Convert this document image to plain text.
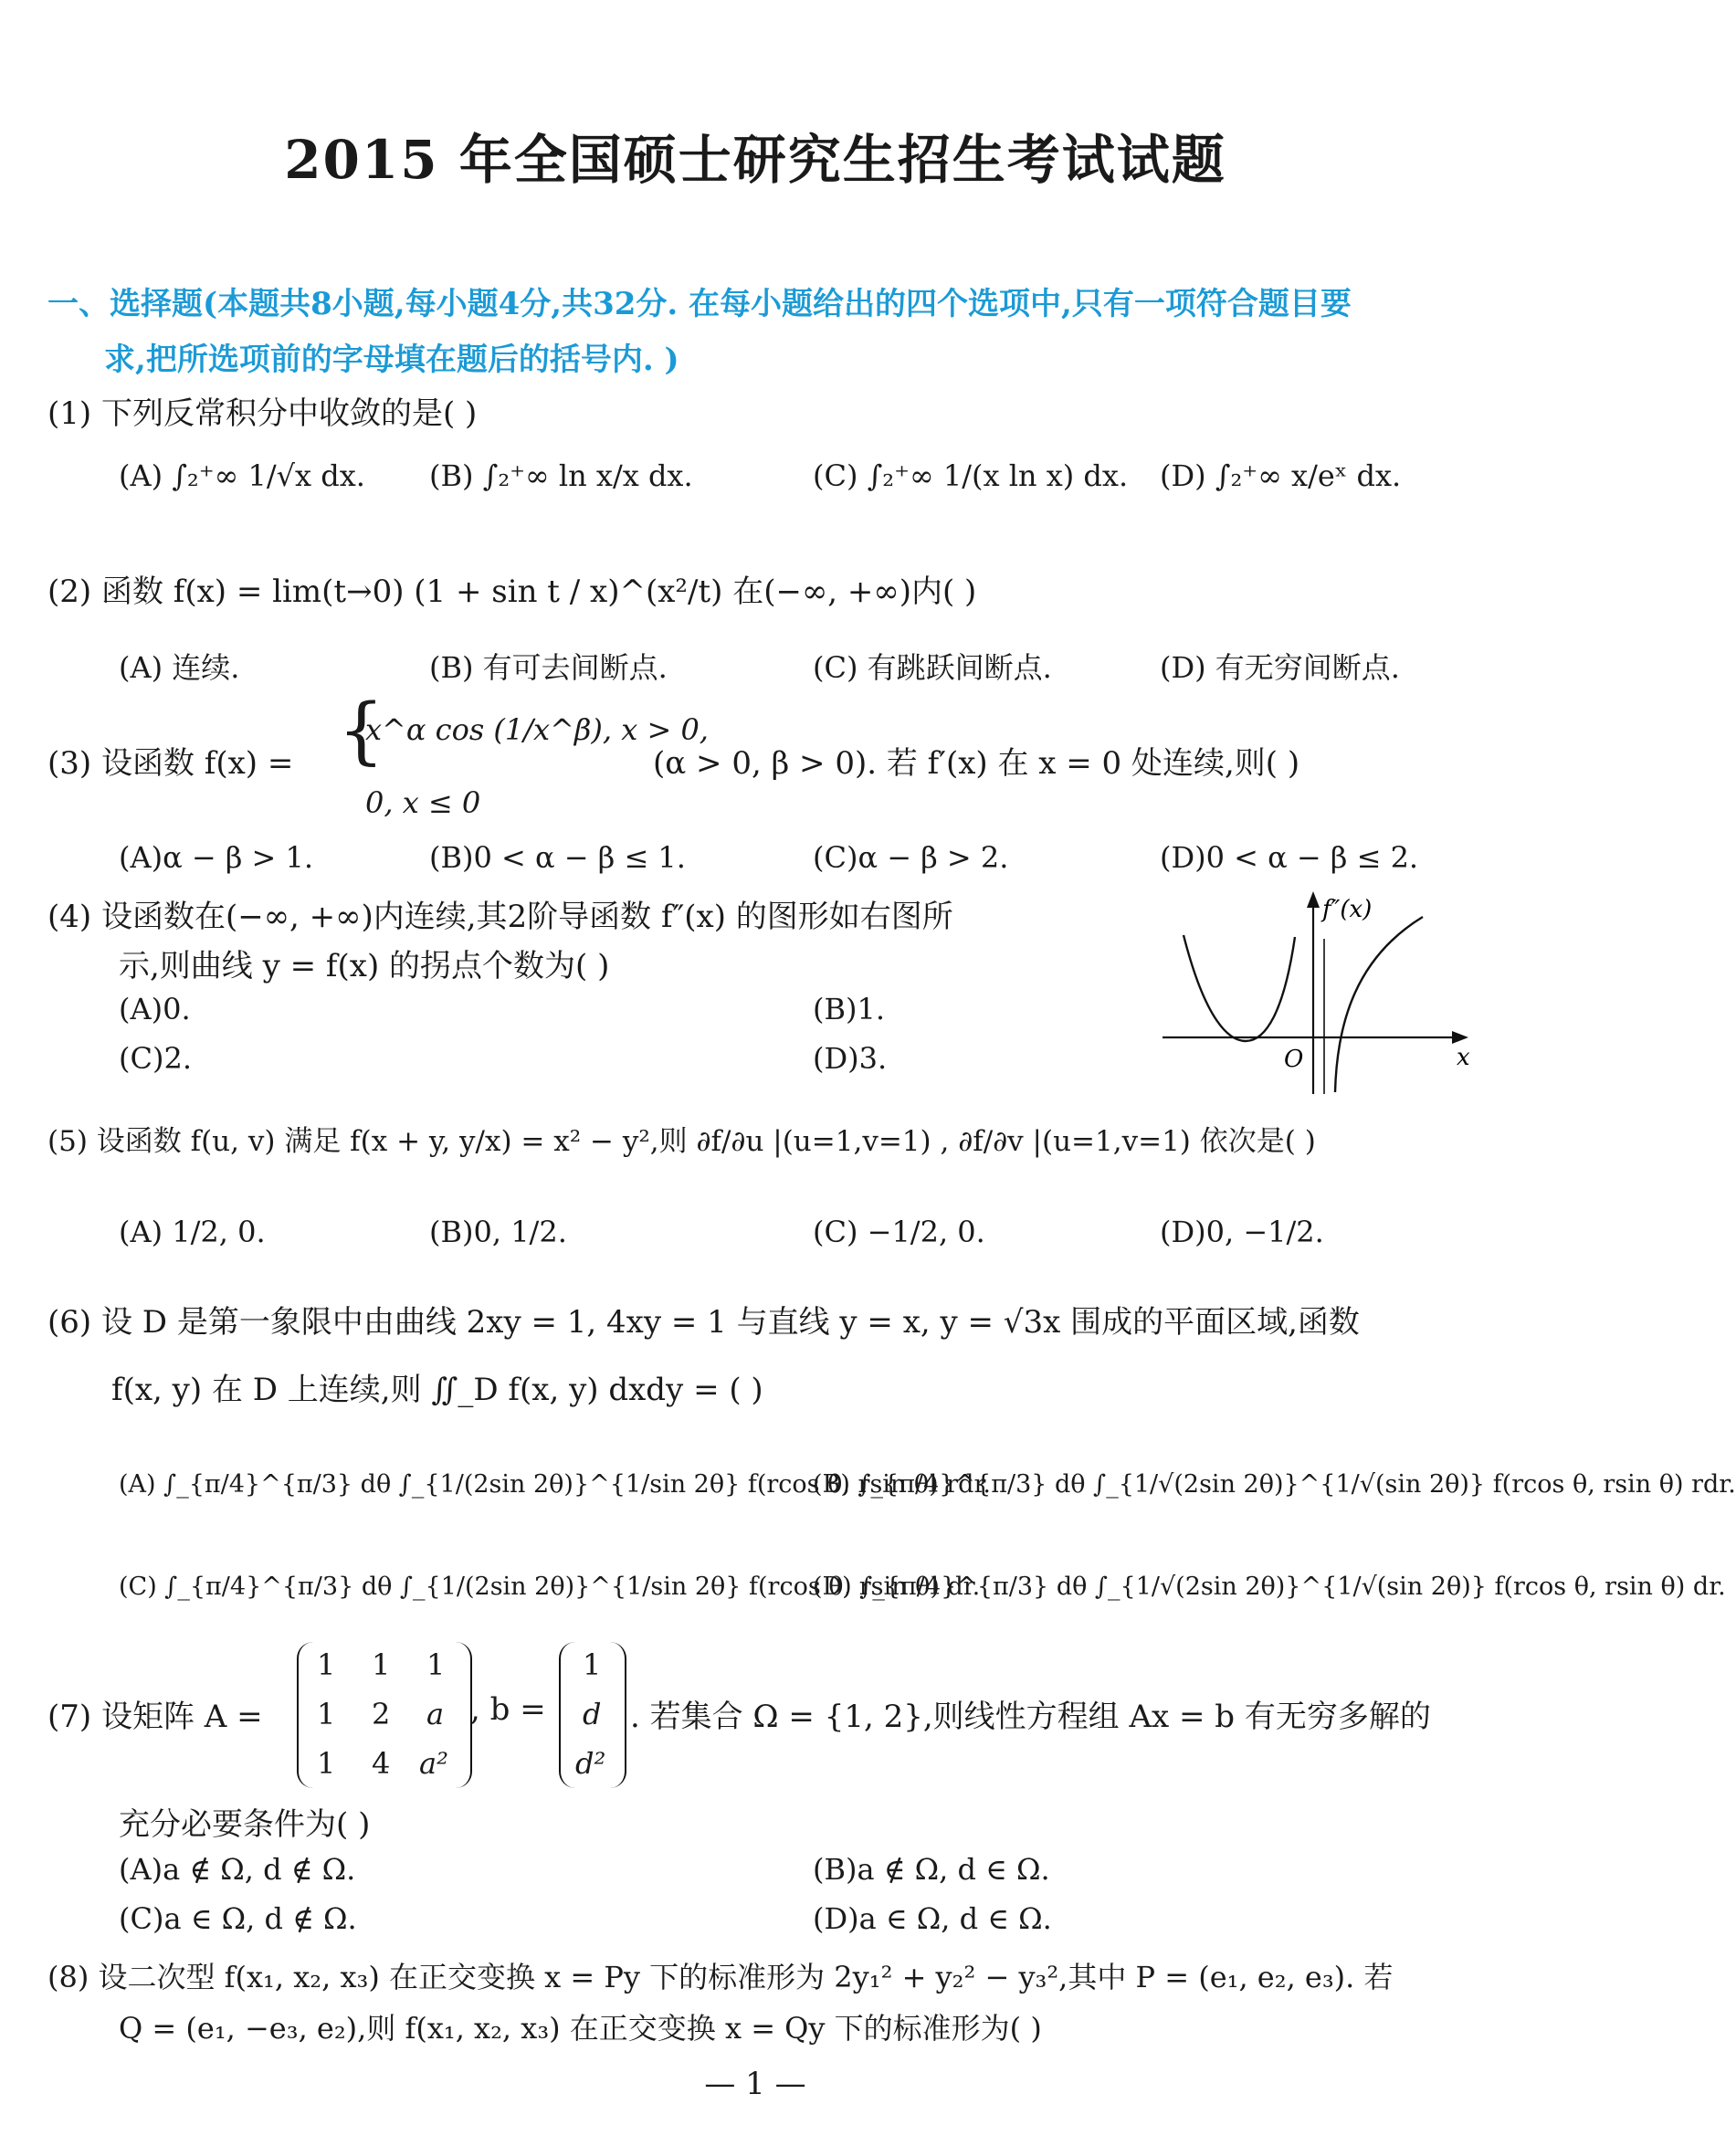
2015 年全国硕士研究生招生考试试题
一、选择题(本题共8小题,每小题4分,共32分. 在每小题给出的四个选项中,只有一项符合题目要
求,把所选项前的字母填在题后的括号内. )
(1) 下列反常积分中收敛的是( )
(A) ∫₂⁺∞ 1/√x dx. (B) ∫₂⁺∞ ln x/x dx.	(C) ∫₂⁺∞ 1/(x ln x) dx. (D) ∫₂⁺∞ x/eˣ dx.
(2) 函数 f(x) = lim(t→0) (1 + sin t / x)^(x²/t) 在(−∞, +∞)内( )
(A) 连续.	(B) 有可去间断点.	(C) 有跳跃间断点.	(D) 有无穷间断点.
(3) 设函数 f(x) = {
x^α cos (1/x^β), x > 0,
0, x ≤ 0
(α > 0, β > 0). 若 f′(x) 在 x = 0 处连续,则( )
(A)α − β > 1.	(B)0 < α − β ≤ 1.	(C)α − β > 2.	(D)0 < α − β ≤ 2.
(4) 设函数在(−∞, +∞)内连续,其2阶导函数 f″(x) 的图形如右图所
示,则曲线 y = f(x) 的拐点个数为( )
(A)0.	(B)1.
(C)2.	(D)3.
f″(x)
x
O
(5) 设函数 f(u, v) 满足 f(x + y, y/x) = x² − y²,则 ∂f/∂u |(u=1,v=1) , ∂f/∂v |(u=1,v=1) 依次是( )
(A) 1/2, 0.	(B)0, 1/2.	(C) −1/2, 0.	(D)0, −1/2.
(6) 设 D 是第一象限中由曲线 2xy = 1, 4xy = 1 与直线 y = x, y = √3x 围成的平面区域,函数
f(x, y) 在 D 上连续,则 ∬_D f(x, y) dxdy = ( )
(A) ∫_{π/4}^{π/3} dθ ∫_{1/(2sin 2θ)}^{1/sin 2θ} f(rcos θ, rsin θ) rdr.
(B) ∫_{π/4}^{π/3} dθ ∫_{1/√(2sin 2θ)}^{1/√(sin 2θ)} f(rcos θ, rsin θ) rdr.
(C) ∫_{π/4}^{π/3} dθ ∫_{1/(2sin 2θ)}^{1/sin 2θ} f(rcos θ, rsin θ) dr.
(D) ∫_{π/4}^{π/3} dθ ∫_{1/√(2sin 2θ)}^{1/√(sin 2θ)} f(rcos θ, rsin θ) dr.
(7) 设矩阵 A =
1 1 1
1 2 a
1 4 a²
, b =
1
d
d²
. 若集合 Ω = {1, 2},则线性方程组 Ax = b 有无穷多解的
充分必要条件为( )
(A)a ∉ Ω, d ∉ Ω.	(B)a ∉ Ω, d ∈ Ω.
(C)a ∈ Ω, d ∉ Ω.	(D)a ∈ Ω, d ∈ Ω.
(8) 设二次型 f(x₁, x₂, x₃) 在正交变换 x = Py 下的标准形为 2y₁² + y₂² − y₃²,其中 P = (e₁, e₂, e₃). 若
Q = (e₁, −e₃, e₂),则 f(x₁, x₂, x₃) 在正交变换 x = Qy 下的标准形为( )
— 1 —
